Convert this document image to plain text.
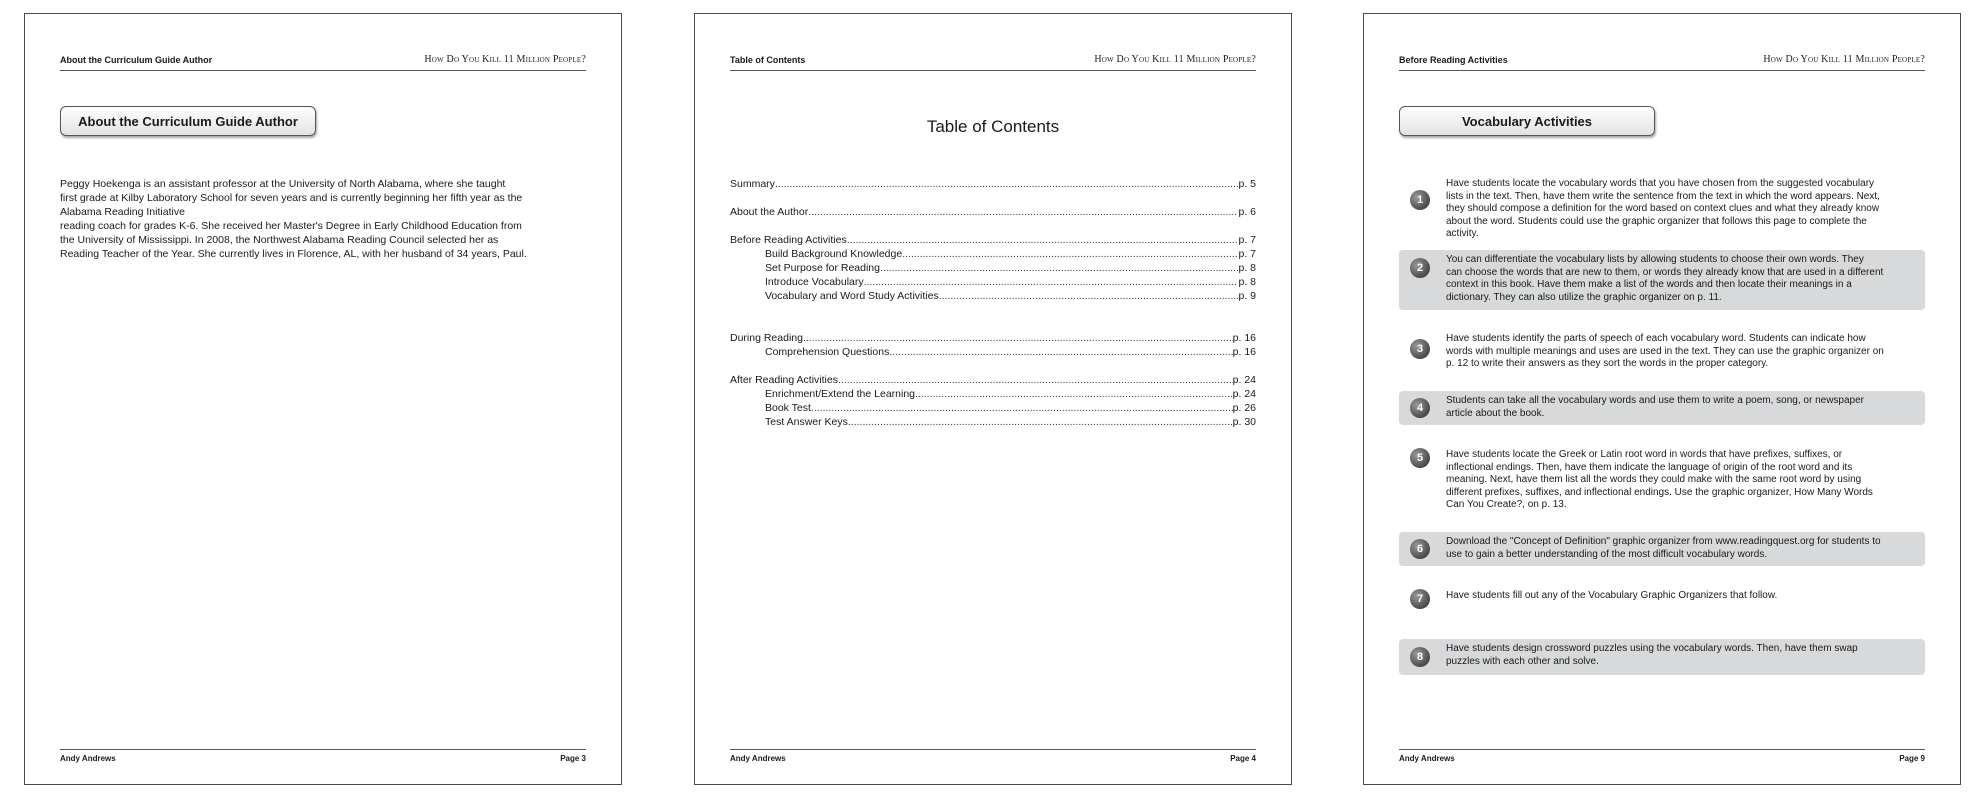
About the Curriculum Guide Author	How Do You Kill 11 Million People?
About the Curriculum Guide Author
Peggy Hoekenga is an assistant professor at the University of North Alabama, where she taught
first grade at Kilby Laboratory School for seven years and is currently beginning her fifth year as the
Alabama Reading Initiative
reading coach for grades K-6. She received her Master's Degree in Early Childhood Education from
the University of Mississippi. In 2008, the Northwest Alabama Reading Council selected her as
Reading Teacher of the Year. She currently lives in Florence, AL, with her husband of 34 years, Paul.
Andy Andrews	Page 3
Table of Contents	How Do You Kill 11 Million People?
Table of Contents
Summary .....	p. 5
About the Author .....	p. 6
Before Reading Activities .....	p. 7
Build Background Knowledge .....	p. 7
Set Purpose for Reading .....	p. 8
Introduce Vocabulary .....	p. 8
Vocabulary and Word Study Activities .....	p. 9
During Reading .....	p. 16
Comprehension Questions .....	p. 16
After Reading Activities .....	p. 24
Enrichment/Extend the Learning .....	p. 24
Book Test .....	p. 26
Test Answer Keys .....	p. 30
Andy Andrews	Page 4
Before Reading Activities	How Do You Kill 11 Million People?
Vocabulary Activities
1
Have students locate the vocabulary words that you have chosen from the suggested vocabulary
lists in the text. Then, have them write the sentence from the text in which the word appears. Next,
they should compose a definition for the word based on context clues and what they already know
about the word. Students could use the graphic organizer that follows this page to complete the
activity.
2
You can differentiate the vocabulary lists by allowing students to choose their own words. They
can choose the words that are new to them, or words they already know that are used in a different
context in this book. Have them make a list of the words and then locate their meanings in a
dictionary. They can also utilize the graphic organizer on p. 11.
3
Have students identify the parts of speech of each vocabulary word. Students can indicate how
words with multiple meanings and uses are used in the text. They can use the graphic organizer on
p. 12 to write their answers as they sort the words in the proper category.
4
Students can take all the vocabulary words and use them to write a poem, song, or newspaper
article about the book.
5	Have students locate the Greek or Latin root word in words that have prefixes, suffixes, or
inflectional endings. Then, have them indicate the language of origin of the root word and its
meaning. Next, have them list all the words they could make with the same root word by using
different prefixes, suffixes, and inflectional endings. Use the graphic organizer, How Many Words
Can You Create?, on p. 13.
6
Download the "Concept of Definition" graphic organizer from www.readingquest.org for students to
use to gain a better understanding of the most difficult vocabulary words.
7	Have students fill out any of the Vocabulary Graphic Organizers that follow.
8
Have students design crossword puzzles using the vocabulary words. Then, have them swap
puzzles with each other and solve.
Andy Andrews	Page 9
